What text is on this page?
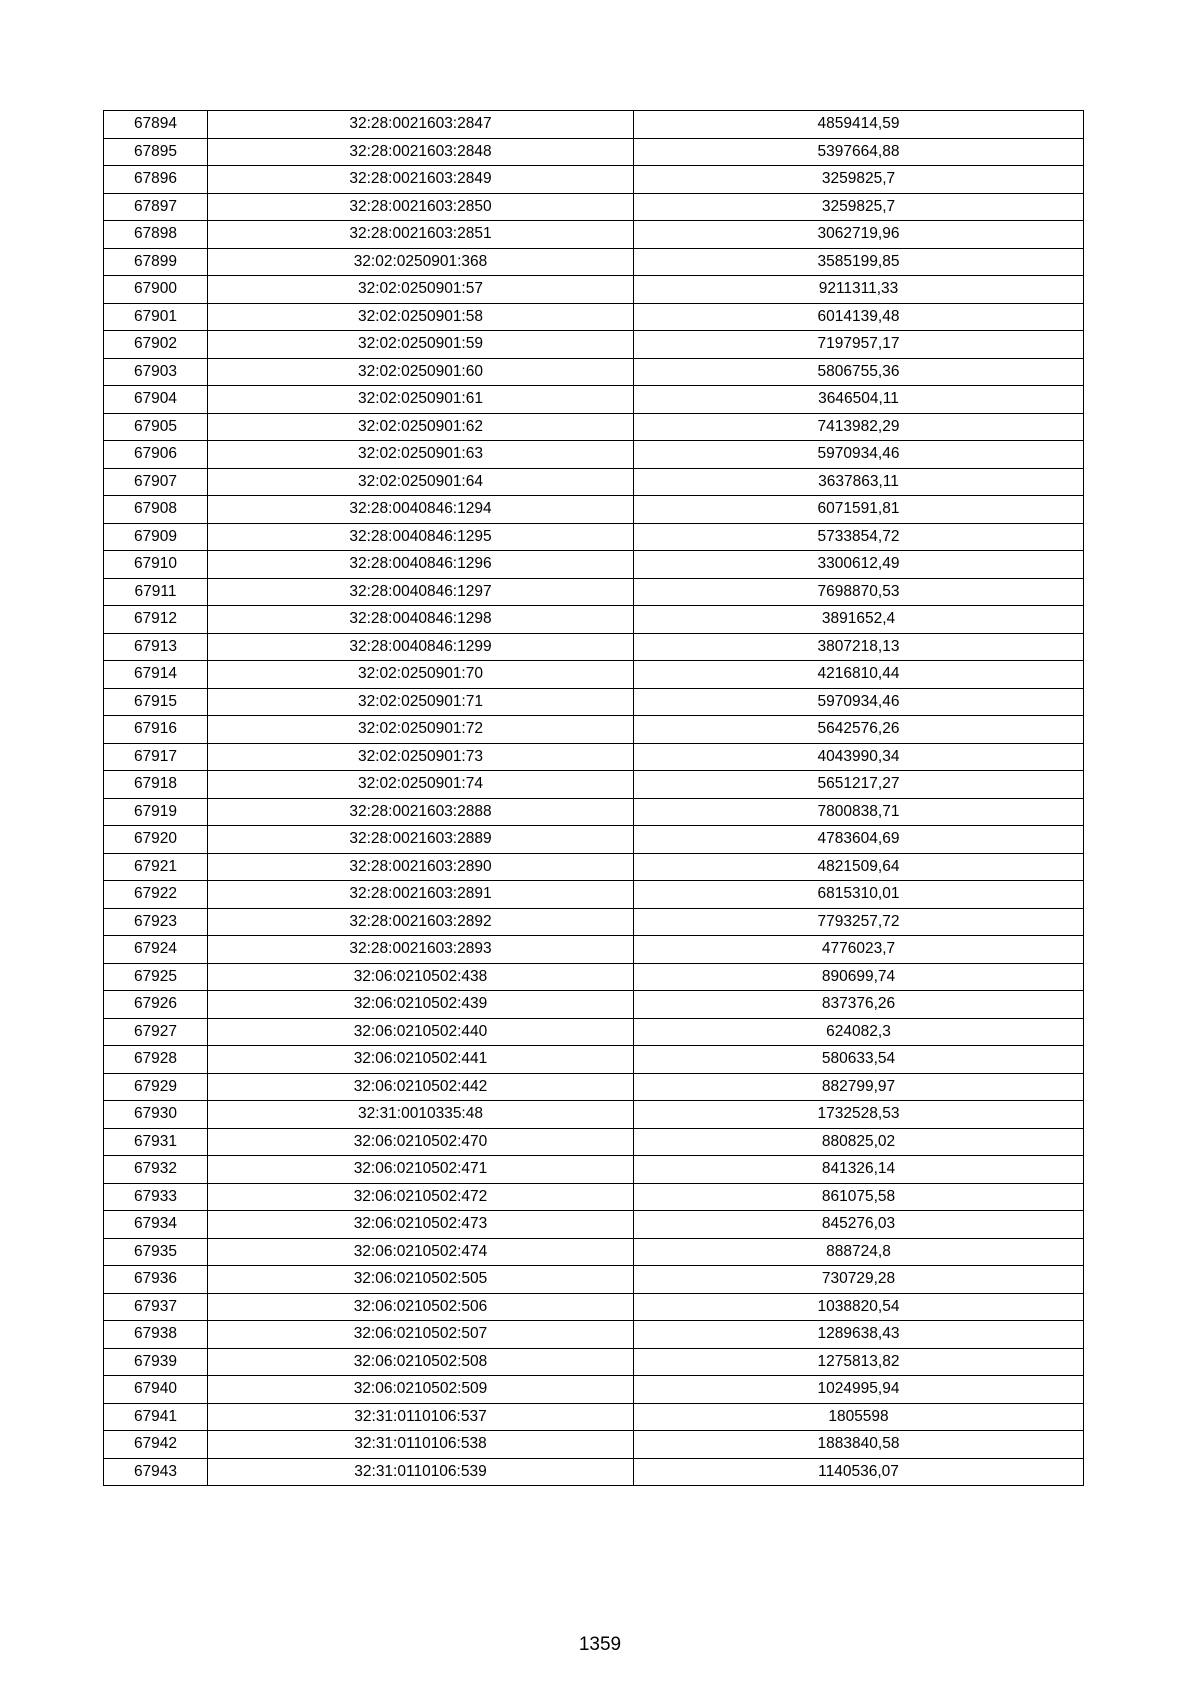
67894	32:28:0021603:2847	4859414,59
67895	32:28:0021603:2848	5397664,88
67896	32:28:0021603:2849	3259825,7
67897	32:28:0021603:2850	3259825,7
67898	32:28:0021603:2851	3062719,96
67899	32:02:0250901:368	3585199,85
67900	32:02:0250901:57	9211311,33
67901	32:02:0250901:58	6014139,48
67902	32:02:0250901:59	7197957,17
67903	32:02:0250901:60	5806755,36
67904	32:02:0250901:61	3646504,11
67905	32:02:0250901:62	7413982,29
67906	32:02:0250901:63	5970934,46
67907	32:02:0250901:64	3637863,11
67908	32:28:0040846:1294	6071591,81
67909	32:28:0040846:1295	5733854,72
67910	32:28:0040846:1296	3300612,49
67911	32:28:0040846:1297	7698870,53
67912	32:28:0040846:1298	3891652,4
67913	32:28:0040846:1299	3807218,13
67914	32:02:0250901:70	4216810,44
67915	32:02:0250901:71	5970934,46
67916	32:02:0250901:72	5642576,26
67917	32:02:0250901:73	4043990,34
67918	32:02:0250901:74	5651217,27
67919	32:28:0021603:2888	7800838,71
67920	32:28:0021603:2889	4783604,69
67921	32:28:0021603:2890	4821509,64
67922	32:28:0021603:2891	6815310,01
67923	32:28:0021603:2892	7793257,72
67924	32:28:0021603:2893	4776023,7
67925	32:06:0210502:438	890699,74
67926	32:06:0210502:439	837376,26
67927	32:06:0210502:440	624082,3
67928	32:06:0210502:441	580633,54
67929	32:06:0210502:442	882799,97
67930	32:31:0010335:48	1732528,53
67931	32:06:0210502:470	880825,02
67932	32:06:0210502:471	841326,14
67933	32:06:0210502:472	861075,58
67934	32:06:0210502:473	845276,03
67935	32:06:0210502:474	888724,8
67936	32:06:0210502:505	730729,28
67937	32:06:0210502:506	1038820,54
67938	32:06:0210502:507	1289638,43
67939	32:06:0210502:508	1275813,82
67940	32:06:0210502:509	1024995,94
67941	32:31:0110106:537	1805598
67942	32:31:0110106:538	1883840,58
67943	32:31:0110106:539	1140536,07
1359
